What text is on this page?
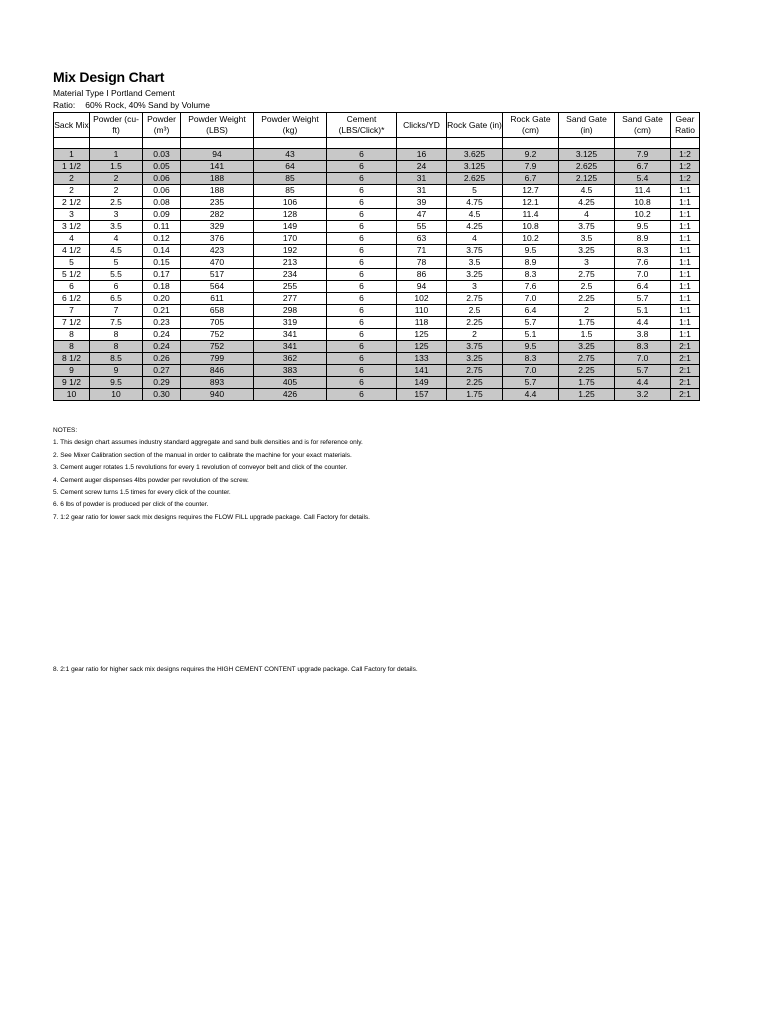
Mix Design Chart
Material Type I Portland Cement
Ratio: 60% Rock, 40% Sand by Volume
Sack Mix	Powder (cu-ft)	Powder (m³)	Powder Weight (LBS)	Powder Weight (kg)	Cement (LBS/Click)*	Clicks/YD	Rock Gate (in)	Rock Gate (cm)	Sand Gate (in)	Sand Gate (cm)	Gear Ratio

1	1	0.03	94	43	6	16	3.625	9.2	3.125	7.9	1:2
1 1/2	1.5	0.05	141	64	6	24	3.125	7.9	2.625	6.7	1:2
2	2	0.06	188	85	6	31	2.625	6.7	2.125	5.4	1:2
2	2	0.06	188	85	6	31	5	12.7	4.5	11.4	1:1
2 1/2	2.5	0.08	235	106	6	39	4.75	12.1	4.25	10.8	1:1
3	3	0.09	282	128	6	47	4.5	11.4	4	10.2	1:1
3 1/2	3.5	0.11	329	149	6	55	4.25	10.8	3.75	9.5	1:1
4	4	0.12	376	170	6	63	4	10.2	3.5	8.9	1:1
4 1/2	4.5	0.14	423	192	6	71	3.75	9.5	3.25	8.3	1:1
5	5	0.15	470	213	6	78	3.5	8.9	3	7.6	1:1
5 1/2	5.5	0.17	517	234	6	86	3.25	8.3	2.75	7.0	1:1
6	6	0.18	564	255	6	94	3	7.6	2.5	6.4	1:1
6 1/2	6.5	0.20	611	277	6	102	2.75	7.0	2.25	5.7	1:1
7	7	0.21	658	298	6	110	2.5	6.4	2	5.1	1:1
7 1/2	7.5	0.23	705	319	6	118	2.25	5.7	1.75	4.4	1:1
8	8	0.24	752	341	6	125	2	5.1	1.5	3.8	1:1
8	8	0.24	752	341	6	125	3.75	9.5	3.25	8.3	2:1
8 1/2	8.5	0.26	799	362	6	133	3.25	8.3	2.75	7.0	2:1
9	9	0.27	846	383	6	141	2.75	7.0	2.25	5.7	2:1
9 1/2	9.5	0.29	893	405	6	149	2.25	5.7	1.75	4.4	2:1
10	10	0.30	940	426	6	157	1.75	4.4	1.25	3.2	2:1

NOTES:

1. This design chart assumes industry standard aggregate and sand bulk densities and is for reference only.

2. See Mixer Calibration section of the manual in order to calibrate the machine for your exact materials.

3. Cement auger rotates 1.5 revolutions for every 1 revolution of conveyor belt and click of the counter.

4. Cement auger dispenses 4lbs powder per revolution of the screw.

5. Cement screw turns 1.5 times for every click of the counter.

6. 6 lbs of powder is produced per click of the counter.

7. 1:2 gear ratio for lower sack mix designs requires the FLOW FILL upgrade package. Call Factory for details.

8. 2:1 gear ratio for higher sack mix designs requires the HIGH CEMENT CONTENT upgrade package. Call Factory for details.
